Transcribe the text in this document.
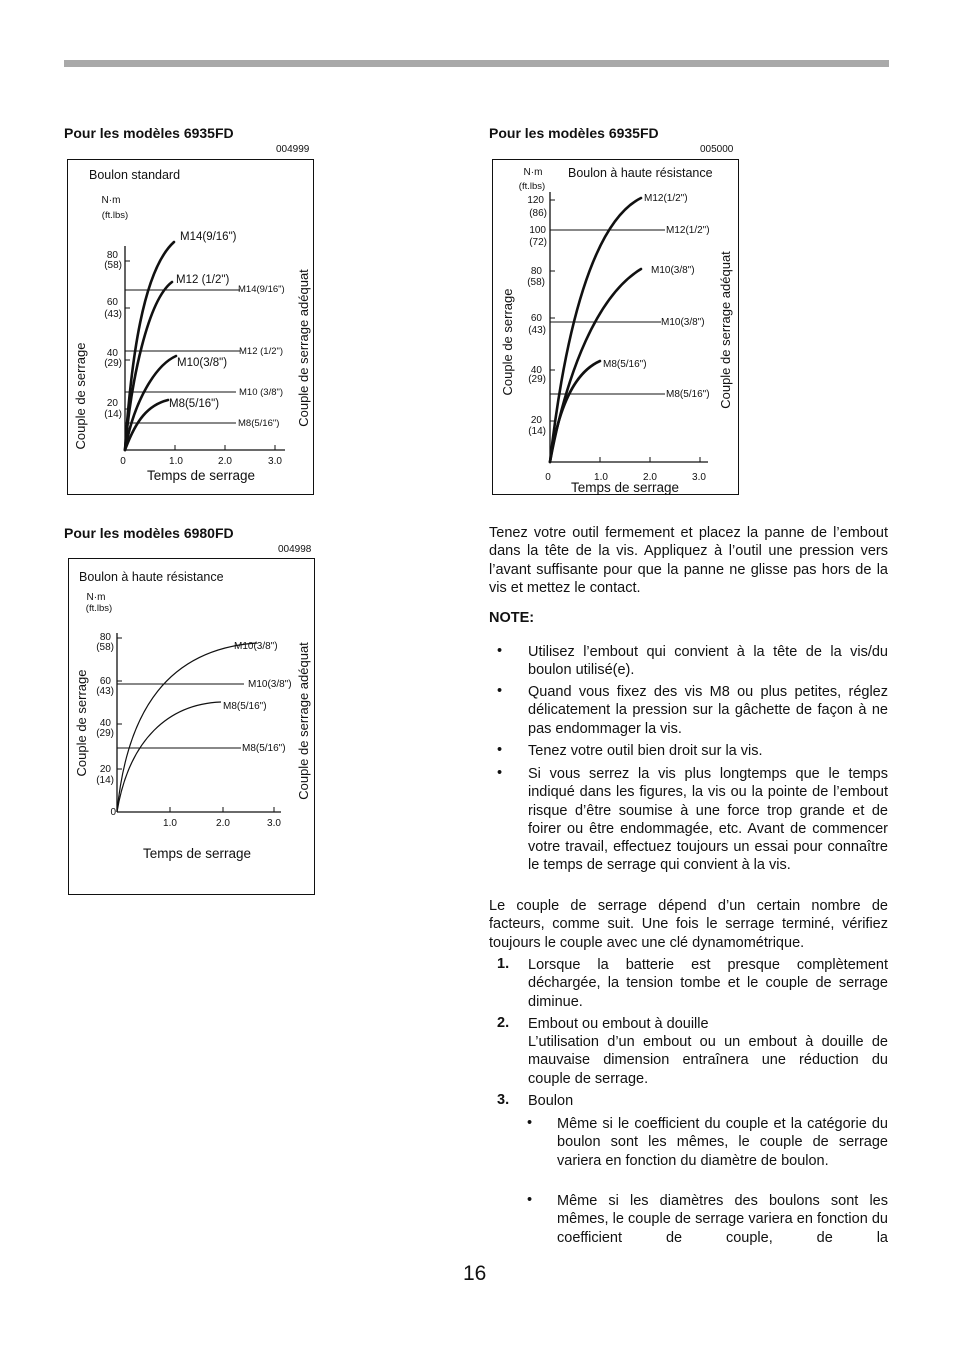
Pour les modèles 6935FD
004999
Boulon standard
N·m
(ft.lbs)
Couple de serrage	Couple de serrage adéquat
Temps de serrage
80
(58)
60
(43)
40
(29)
20
(14)
0	1.0	2.0	3.0
M14(9/16")
M12 (1/2")
M10(3/8")
M8(5/16")
M14(9/16")
M12 (1/2")
M10 (3/8")
M8(5/16")
Pour les modèles 6935FD
005000
Boulon à haute résistance
N·m
(ft.lbs)
Couple de serrage	Couple de serrage adéquat
Temps de serrage
120
(86)
100
(72)
80
(58)
60
(43)
40
(29)
20
(14)
0	1.0	2.0	3.0
M12(1/2")
M10(3/8")
M8(5/16")
M12(1/2")
M10(3/8")
M8(5/16")
Pour les modèles 6980FD
004998
Boulon à haute résistance
N·m
(ft.lbs)
Couple de serrage	Couple de serrage adéquat
Temps de serrage
80
(58)
60
(43)
40
(29)
20
(14)
0
1.0	2.0	3.0
M10(3/8")
M8(5/16")
M10(3/8")
M8(5/16")
Tenez votre outil fermement et placez la panne de l’embout dans la tête de la vis. Appliquez à l’outil une pression vers l’avant suffisante pour que la panne ne glisse pas hors de la vis et mettez le contact.
NOTE:
• Utilisez l’embout qui convient à la tête de la vis/du boulon utilisé(e).
• Quand vous fixez des vis M8 ou plus petites, réglez délicatement la pression sur la gâchette de façon à ne pas endommager la vis.
• Tenez votre outil bien droit sur la vis.
• Si vous serrez la vis plus longtemps que le temps indiqué dans les figures, la vis ou la pointe de l’embout risque d’être soumise à une force trop grande et de foirer ou être endommagée, etc. Avant de commencer votre travail, effectuez toujours un essai pour connaître le temps de serrage qui convient à la vis.
Le couple de serrage dépend d’un certain nombre de facteurs, comme suit. Une fois le serrage terminé, vérifiez toujours le couple avec une clé dynamométrique.
1. Lorsque la batterie est presque complètement déchargée, la tension tombe et le couple de serrage diminue.
2. Embout ou embout à douille
L’utilisation d’un embout ou un embout à douille de mauvaise dimension entraînera une réduction du couple de serrage.
3. Boulon
• Même si le coefficient du couple et la catégorie du boulon sont les mêmes, le couple de serrage variera en fonction du diamètre de boulon.
• Même si les diamètres des boulons sont les mêmes, le couple de serrage variera en fonction du coefficient de couple, de la
16
